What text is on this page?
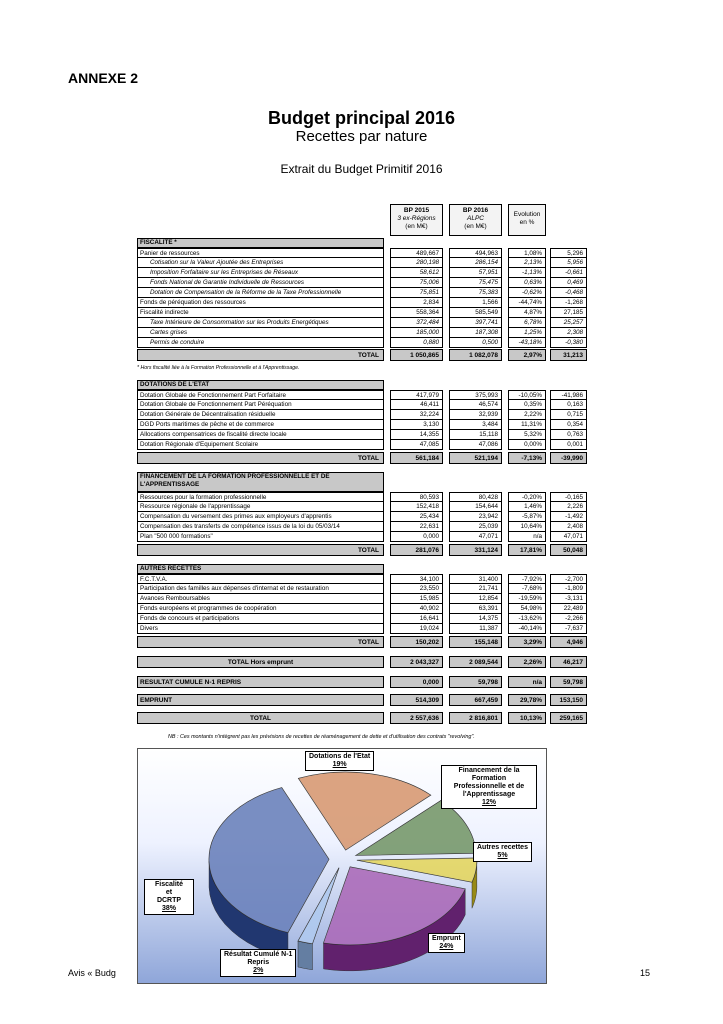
ANNEXE 2
Budget principal 2016
Recettes par nature
Extrait du Budget Primitif 2016
BP 2015
3 ex-Régions
(en M€)
BP 2016
ALPC
(en M€)
Evolution
en %
FISCALITE *
Panier de ressources	489,667	494,963	1,08%	5,296
Cotisation sur la Valeur Ajoutée des Entreprises	280,198	286,154	2,13%	5,956
Imposition Forfaitaire sur les Entreprises de Réseaux	58,612	57,951	-1,13%	-0,661
Fonds National de Garantie Individuelle de Ressources	75,006	75,475	0,63%	0,469
Dotation de Compensation de la Réforme de la Taxe Professionnelle	75,851	75,383	-0,62%	-0,468
Fonds de péréquation des ressources	2,834	1,566	-44,74%	-1,268
Fiscalité indirecte	558,364	585,549	4,87%	27,185
Taxe Intérieure de Consommation sur les Produits Energétiques	372,484	397,741	6,78%	25,257
Cartes grises	185,000	187,308	1,25%	2,308
Permis de conduire	0,880	0,500	-43,18%	-0,380
TOTAL	1 050,865	1 082,078	2,97%	31,213
* Hors fiscalité liée à la Formation Professionnelle et à l'Apprentissage.
DOTATIONS DE L'ETAT
Dotation Globale de Fonctionnement Part Forfaitaire	417,979	375,993	-10,05%	-41,986
Dotation Globale de Fonctionnement Part Péréquation	46,411	46,574	0,35%	0,163
Dotation Générale de Décentralisation résiduelle	32,224	32,939	2,22%	0,715
DGD Ports maritimes de pêche et de commerce	3,130	3,484	11,31%	0,354
Allocations compensatrices de fiscalité directe locale	14,355	15,118	5,32%	0,763
Dotation Régionale d'Equipement Scolaire	47,085	47,086	0,00%	0,001
TOTAL	561,184	521,194	-7,13%	-39,990
FINANCEMENT DE LA FORMATION PROFESSIONNELLE ET DE
L'APPRENTISSAGE
Ressources pour la formation professionnelle	80,593	80,428	-0,20%	-0,165
Ressource régionale de l'apprentissage	152,418	154,644	1,46%	2,226
Compensation du versement des primes aux employeurs d'apprentis	25,434	23,942	-5,87%	-1,492
Compensation des transferts de compétence issus de la loi du 05/03/14	22,631	25,039	10,64%	2,408
Plan "500 000 formations"	0,000	47,071	n/a	47,071
TOTAL	281,076	331,124	17,81%	50,048
AUTRES RECETTES
F.C.T.V.A.	34,100	31,400	-7,92%	-2,700
Participation des familles aux dépenses d'internat et de restauration	23,550	21,741	-7,68%	-1,809
Avances Remboursables	15,985	12,854	-19,59%	-3,131
Fonds européens et programmes de coopération	40,902	63,391	54,98%	22,489
Fonds de concours et participations	16,641	14,375	-13,62%	-2,266
Divers	19,024	11,387	-40,14%	-7,637
TOTAL	150,202	155,148	3,29%	4,946
TOTAL Hors emprunt	2 043,327	2 089,544	2,26%	46,217
RESULTAT CUMULE N-1 REPRIS	0,000	59,798	n/a	59,798
EMPRUNT	514,309	667,459	29,78%	153,150
TOTAL	2 557,636	2 816,801	10,13%	259,165
NB : Ces montants n'intègrent pas les prévisions de recettes de réaménagement de dette et d'utilisation des contrats "revolving".
Dotations de l'Etat
19%
Financement de la
Formation
Professionnelle et de
l'Apprentissage
12%
Autres recettes
5%
Fiscalité
et
DCRTP
38%
Emprunt
24%
Résultat Cumulé N-1
Repris
2%
Avis « Budg	15
